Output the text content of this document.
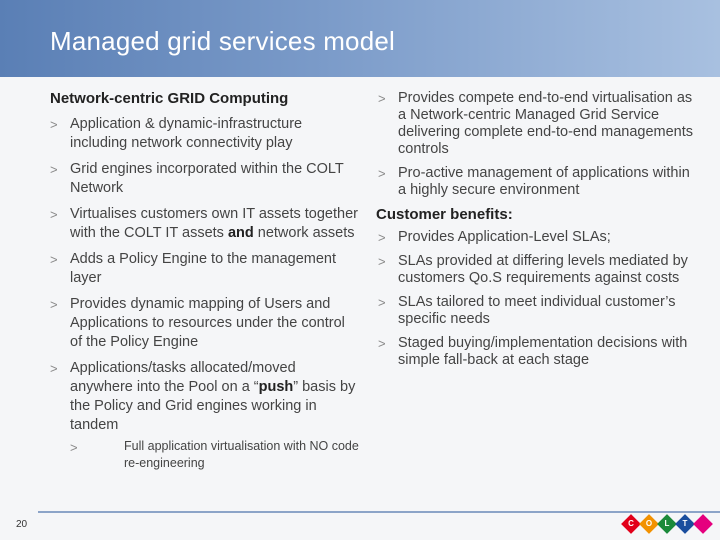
Managed grid services model

Network-centric GRID Computing

> Application & dynamic-infrastructure including network connectivity play
> Grid engines incorporated within the COLT Network
> Virtualises customers own IT assets together with the COLT IT assets and network assets
> Adds a Policy Engine to the management layer
> Provides dynamic mapping of Users and Applications to resources under the control of the Policy Engine
> Applications/tasks allocated/moved anywhere into the Pool on a “push” basis by the Policy and Grid engines working in tandem
>	Full application virtualisation with NO code re-engineering
> Provides compete end-to-end virtualisation as a Network-centric Managed Grid Service delivering complete end-to-end managements controls
> Pro-active management of applications within a highly secure environment

Customer benefits:

> Provides Application-Level SLAs;
> SLAs provided at differing levels mediated by customers Qo.S requirements against costs
> SLAs tailored to meet individual customer’s specific needs
> Staged buying/implementation decisions with simple fall-back at each stage
20	C	O	L	T
